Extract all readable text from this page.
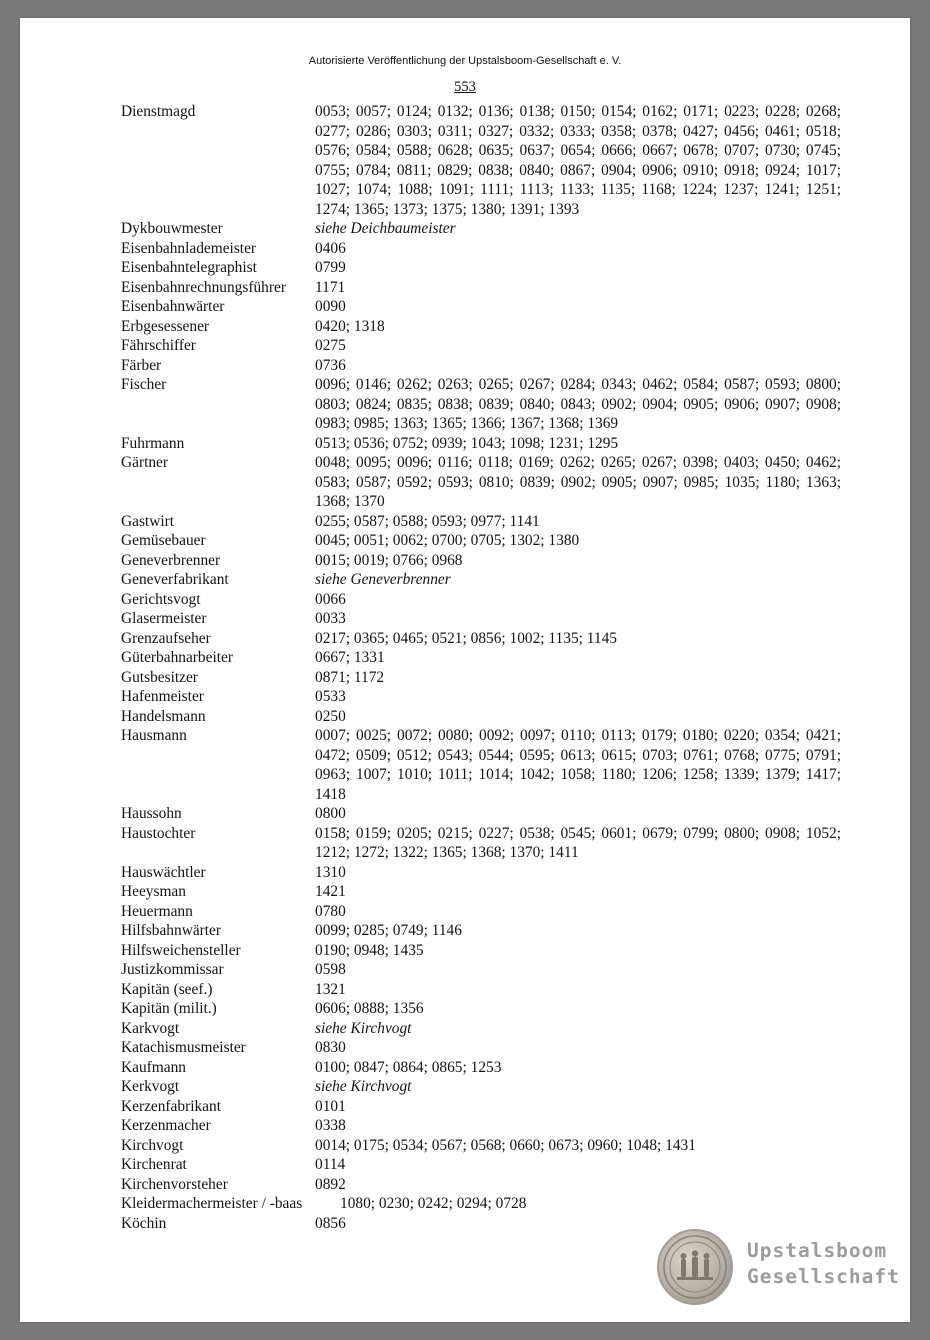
Autorisierte Veröffentlichung der Upstalsboom-Gesellschaft e. V.
553
Dienstmagd	0053; 0057; 0124; 0132; 0136; 0138; 0150; 0154; 0162; 0171; 0223; 0228; 0268; 0277; 0286; 0303; 0311; 0327; 0332; 0333; 0358; 0378; 0427; 0456; 0461; 0518; 0576; 0584; 0588; 0628; 0635; 0637; 0654; 0666; 0667; 0678; 0707; 0730; 0745; 0755; 0784; 0811; 0829; 0838; 0840; 0867; 0904; 0906; 0910; 0918; 0924; 1017; 1027; 1074; 1088; 1091; 1111; 1113; 1133; 1135; 1168; 1224; 1237; 1241; 1251; 1274; 1365; 1373; 1375; 1380; 1391; 1393
Dykbouwmester	siehe Deichbaumeister
Eisenbahnlademeister	0406
Eisenbahntelegraphist	0799
Eisenbahnrechnungsführer 1171
Eisenbahnwärter	0090
Erbgesessener	0420; 1318
Fährschiffer	0275
Färber	0736
Fischer	0096; 0146; 0262; 0263; 0265; 0267; 0284; 0343; 0462; 0584; 0587; 0593; 0800; 0803; 0824; 0835; 0838; 0839; 0840; 0843; 0902; 0904; 0905; 0906; 0907; 0908; 0983; 0985; 1363; 1365; 1366; 1367; 1368; 1369
Fuhrmann	0513; 0536; 0752; 0939; 1043; 1098; 1231; 1295
Gärtner	0048; 0095; 0096; 0116; 0118; 0169; 0262; 0265; 0267; 0398; 0403; 0450; 0462; 0583; 0587; 0592; 0593; 0810; 0839; 0902; 0905; 0907; 0985; 1035; 1180; 1363; 1368; 1370
Gastwirt	0255; 0587; 0588; 0593; 0977; 1141
Gemüsebauer	0045; 0051; 0062; 0700; 0705; 1302; 1380
Geneverbrenner	0015; 0019; 0766; 0968
Geneverfabrikant	siehe Geneverbrenner
Gerichtsvogt	0066
Glasermeister	0033
Grenzaufseher	0217; 0365; 0465; 0521; 0856; 1002; 1135; 1145
Güterbahnarbeiter	0667; 1331
Gutsbesitzer	0871; 1172
Hafenmeister	0533
Handelsmann	0250
Hausmann	0007; 0025; 0072; 0080; 0092; 0097; 0110; 0113; 0179; 0180; 0220; 0354; 0421; 0472; 0509; 0512; 0543; 0544; 0595; 0613; 0615; 0703; 0761; 0768; 0775; 0791; 0963; 1007; 1010; 1011; 1014; 1042; 1058; 1180; 1206; 1258; 1339; 1379; 1417; 1418
Haussohn	0800
Haustochter	0158; 0159; 0205; 0215; 0227; 0538; 0545; 0601; 0679; 0799; 0800; 0908; 1052; 1212; 1272; 1322; 1365; 1368; 1370; 1411
Hauswächtler	1310
Heeysman	1421
Heuermann	0780
Hilfsbahnwärter	0099; 0285; 0749; 1146
Hilfsweichensteller	0190; 0948; 1435
Justizkommissar	0598
Kapitän (seef.)	1321
Kapitän (milit.)	0606; 0888; 1356
Karkvogt	siehe Kirchvogt
Katachismusmeister	0830
Kaufmann	0100; 0847; 0864; 0865; 1253
Kerkvogt	siehe Kirchvogt
Kerzenfabrikant	0101
Kerzenmacher	0338
Kirchvogt	0014; 0175; 0534; 0567; 0568; 0660; 0673; 0960; 1048; 1431
Kirchenrat	0114
Kirchenvorsteher	0892
Kleidermachermeister / -baas 1080; 0230; 0242; 0294; 0728
Köchin	0856
Upstalsboom
Gesellschaft
